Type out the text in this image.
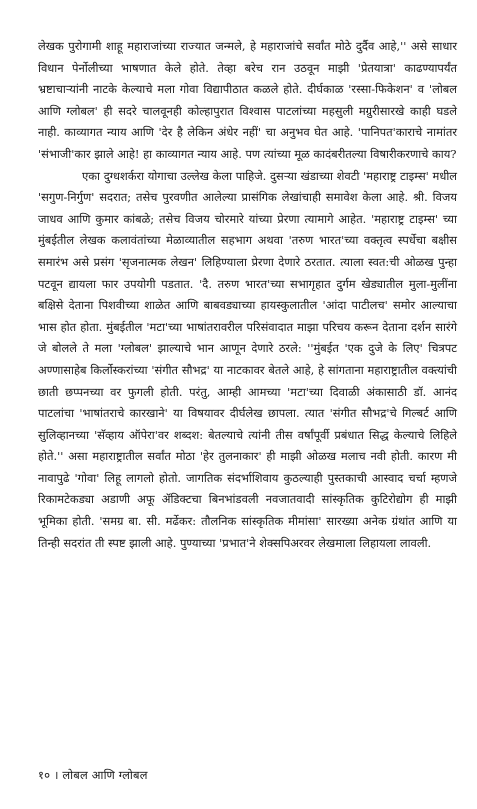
लेखक पुरोगामी शाहू महाराजांच्या राज्यात जन्मले, हे महाराजांचे सर्वांत मोठे दुर्दैव आहे,'' असे साधार विधान पेर्नोलीच्या भाषणात केले होते. तेव्हा बरेच रान उठवून माझी 'प्रेतयात्रा' काढण्यापर्यंत भ्रष्टाचाऱ्यांनी नाटके केल्याचे मला गोवा विद्यापीठात कळले होते. दीर्घकाळ 'रस्सा-फिकेशन' व 'लोबल आणि ग्लोबल' ही सदरे चालवूनही कोल्हापुरात विश्वास पाटलांच्या महसुली मग्रुरीसारखे काही घडले नाही. काव्यागत न्याय आणि 'देर है लेकिन अंधेर नहीं' चा अनुभव घेत आहे. 'पानिपत'काराचे नामांतर 'संभाजी'कार झाले आहे! हा काव्यागत न्याय आहे. पण त्यांच्या मूळ कादंबरीतल्या विषारीकरणाचे काय?

एका दुग्धशर्करा योगाचा उल्लेख केला पाहिजे. दुसऱ्या खंडाच्या शेवटी 'महाराष्ट्र टाइम्स' मधील 'सगुण-निर्गुण' सदरात; तसेच पुरवणीत आलेल्या प्रासंगिक लेखांचाही समावेश केला आहे. श्री. विजय जाधव आणि कुमार कांबळे; तसेच विजय चोरमारे यांच्या प्रेरणा त्यामागे आहेत. 'महाराष्ट्र टाइम्स' च्या मुंबईतील लेखक कलावंतांच्या मेळाव्यातील सहभाग अथवा 'तरुण भारत'च्या वक्तृत्व स्पर्धेचा बक्षीस समारंभ असे प्रसंग 'सृजनात्मक लेखन' लिहिण्याला प्रेरणा देणारे ठरतात. त्याला स्वत:ची ओळख पुन्हा पटवून द्यायला फार उपयोगी पडतात. 'दै. तरुण भारत'च्या सभागृहात दुर्गम खेड्यातील मुला-मुलींना बक्षिसे देताना पिशवीच्या शाळेत आणि बाबवड्याच्या हायस्कुलातील 'आंदा पाटीलच' समोर आल्याचा भास होत होता. मुंबईतील 'मटा'च्या भाषांतरावरील परिसंवादात माझा परिचय करून देताना दर्शन सारंगे जे बोलले ते मला 'ग्लोबल' झाल्याचे भान आणून देणारे ठरले: ''मुंबईत 'एक दुजे के लिए' चित्रपट अण्णासाहेब किर्लोस्करांच्या 'संगीत सौभद्र' या नाटकावर बेतले आहे, हे सांगताना महाराष्ट्रातील वक्त्यांची छाती छप्पनच्या वर फुगली होती. परंतु, आम्ही आमच्या 'मटा'च्या दिवाळी अंकासाठी डॉ. आनंद पाटलांचा 'भाषांतराचे कारखाने' या विषयावर दीर्घलेख छापला. त्यात 'संगीत सौभद्र'चे गिल्बर्ट आणि सुलिव्हानच्या 'सॅव्हाय ऑपेरा'वर शब्दश: बेतल्याचे त्यांनी तीस वर्षांपूर्वी प्रबंधात सिद्ध केल्याचे लिहिले होते.'' असा महाराष्ट्रातील सर्वांत मोठा 'हेर तुलनाकार' ही माझी ओळख मलाच नवी होती. कारण मी नावापुढे 'गोवा' लिहू लागलो होतो. जागतिक संदर्भाशिवाय कुठल्याही पुस्तकाची आस्वाद चर्चा म्हणजे रिकामटेकड्या अडाणी अफू ॲडिक्टचा बिनभांडवली नवजातवादी सांस्कृतिक कुटिरोद्योग ही माझी भूमिका होती. 'समग्र बा. सी. मर्ढेकर: तौलनिक सांस्कृतिक मीमांसा' सारख्या अनेक ग्रंथांत आणि या तिन्ही सदरांत ती स्पष्ट झाली आहे. पुण्याच्या 'प्रभात'ने शेक्सपिअरवर लेखमाला लिहायला लावली.

१० । लोबल आणि ग्लोबल
